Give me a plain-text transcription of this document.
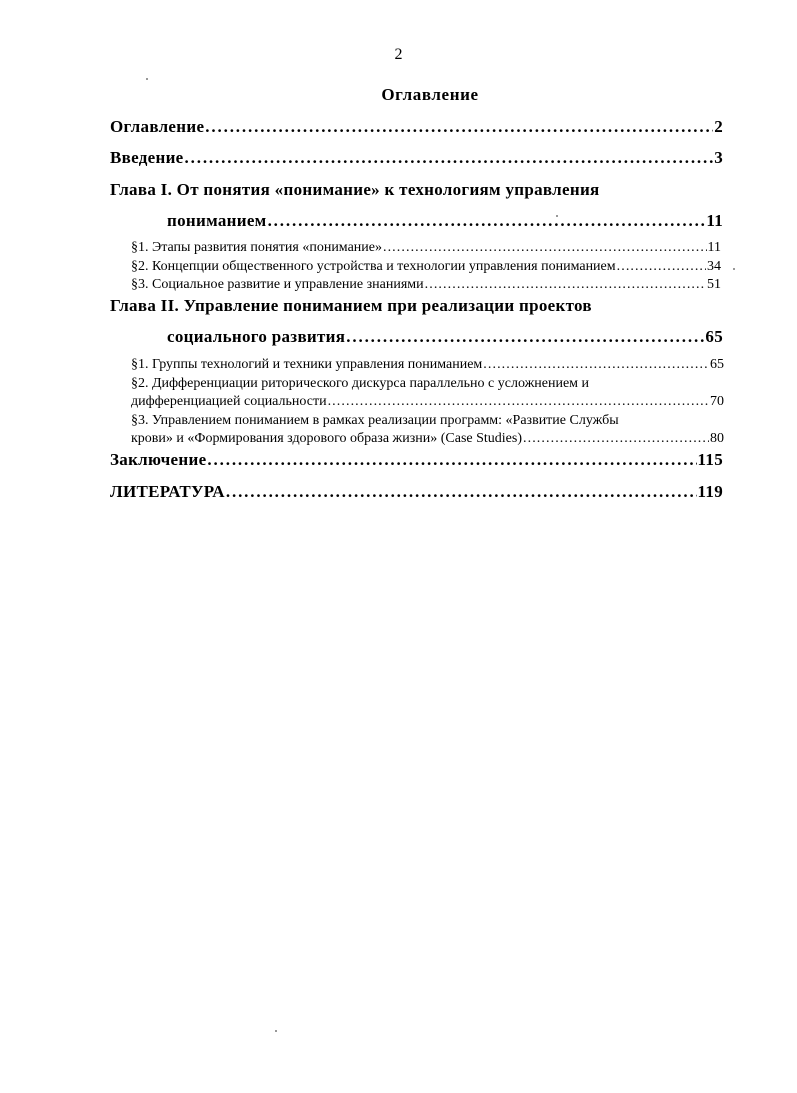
2
Оглавление
Оглавление . . .	2
Введение . . .	3
Глава I. От понятия «понимание» к технологиям управления
пониманием . . .	11
§1. Этапы развития понятия «понимание» . . .	11
§2. Концепции общественного устройства и технологии управления пониманием . . .	34
§3. Социальное развитие и управление знаниями . . .	51
Глава II. Управление пониманием при реализации проектов
социального развития . . .	65
§1. Группы технологий и техники управления пониманием . . .	65
§2. Дифференциации риторического дискурса параллельно с усложнением и
дифференциацией социальности . . .	70
§3. Управлением пониманием в рамках реализации программ: «Развитие Службы
крови» и «Формирования здорового образа жизни» (Case Studies) . . .	80
Заключение . . .	115
ЛИТЕРАТУРА . . .	119
